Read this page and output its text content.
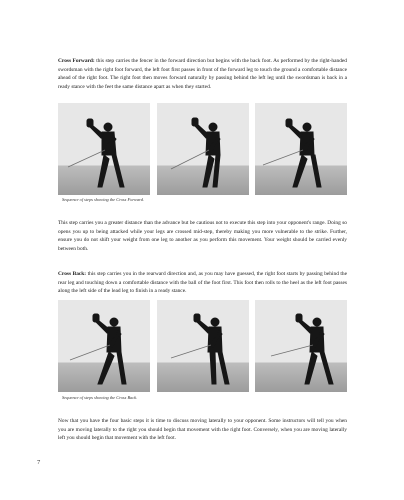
Cross Forward: this step carries the fencer in the forward direction but begins with the back foot. As performed by the right-handed swordsman with the right foot forward, the left foot first passes in front of the forward leg to touch the ground a comfortable distance ahead of the right foot. The right foot then moves forward naturally by passing behind the left leg until the swordsman is back in a ready stance with the feet the same distance apart as when they started.

Sequence of steps showing the Cross Forward.

This step carries you a greater distance than the advance but be cautious not to execute this step into your opponent's range. Doing so opens you up to being attacked while your legs are crossed mid-step, thereby making you more vulnerable to the strike. Further, ensure you do not shift your weight from one leg to another as you perform this movement. Your weight should be carried evenly between both.

Cross Back: this step carries you in the rearward direction and, as you may have guessed, the right foot starts by passing behind the rear leg and touching down a comfortable distance with the ball of the foot first. This foot then rolls to the heel as the left foot passes along the left side of the lead leg to finish in a ready stance.

Sequence of steps showing the Cross Back.

Now that you have the four basic steps it is time to discuss moving laterally to your opponent. Some instructors will tell you when you are moving laterally to the right you should begin that movement with the right foot. Conversely, when you are moving laterally left you should begin that movement with the left foot.

7
